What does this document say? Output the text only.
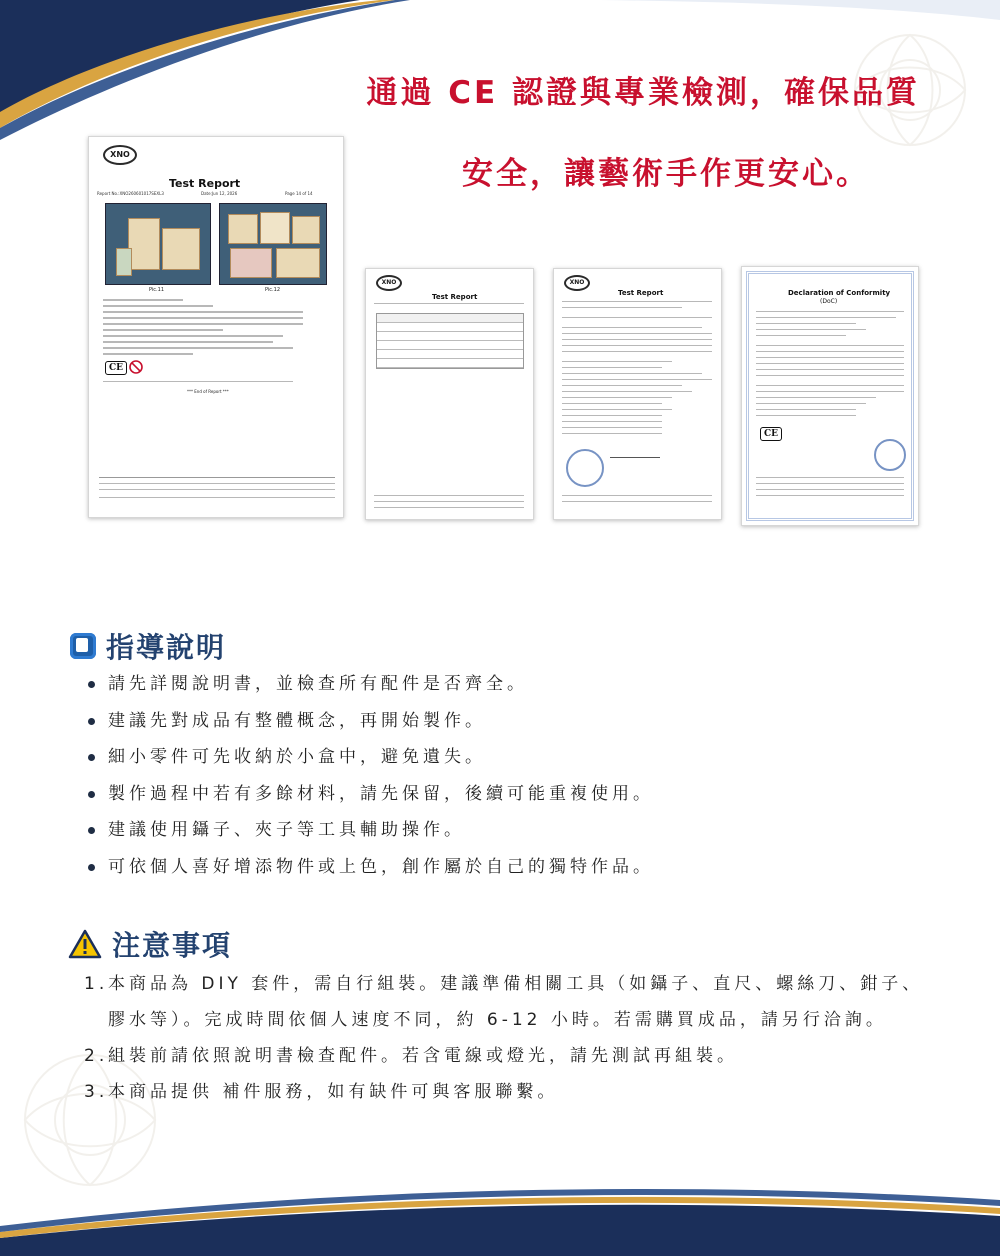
通過 CE 認證與專業檢測，確保品質
安全，讓藝術手作更安心。
XNO
Test Report
Report No.:XNO260601017SEXL3	Date:Jun 12, 2026	Page 14 of 14
Pic.11	Pic.12
CE
*** End of Report ***
XNO
Test Report
XNO
Test Report	Declaration of Conformity
(DoC)
CE
指導說明
請先詳閱說明書，並檢查所有配件是否齊全。
建議先對成品有整體概念，再開始製作。
細小零件可先收納於小盒中，避免遺失。
製作過程中若有多餘材料，請先保留，後續可能重複使用。
建議使用鑷子、夾子等工具輔助操作。
可依個人喜好增添物件或上色，創作屬於自己的獨特作品。
注意事項
1. 本商品為 DIY 套件，需自行組裝。建議準備相關工具（如鑷子、直尺、螺絲刀、鉗子、膠水等）。完成時間依個人速度不同，約 6-12 小時。若需購買成品，請另行洽詢。
2. 組裝前請依照說明書檢查配件。若含電線或燈光，請先測試再組裝。
3. 本商品提供 補件服務，如有缺件可與客服聯繫。
